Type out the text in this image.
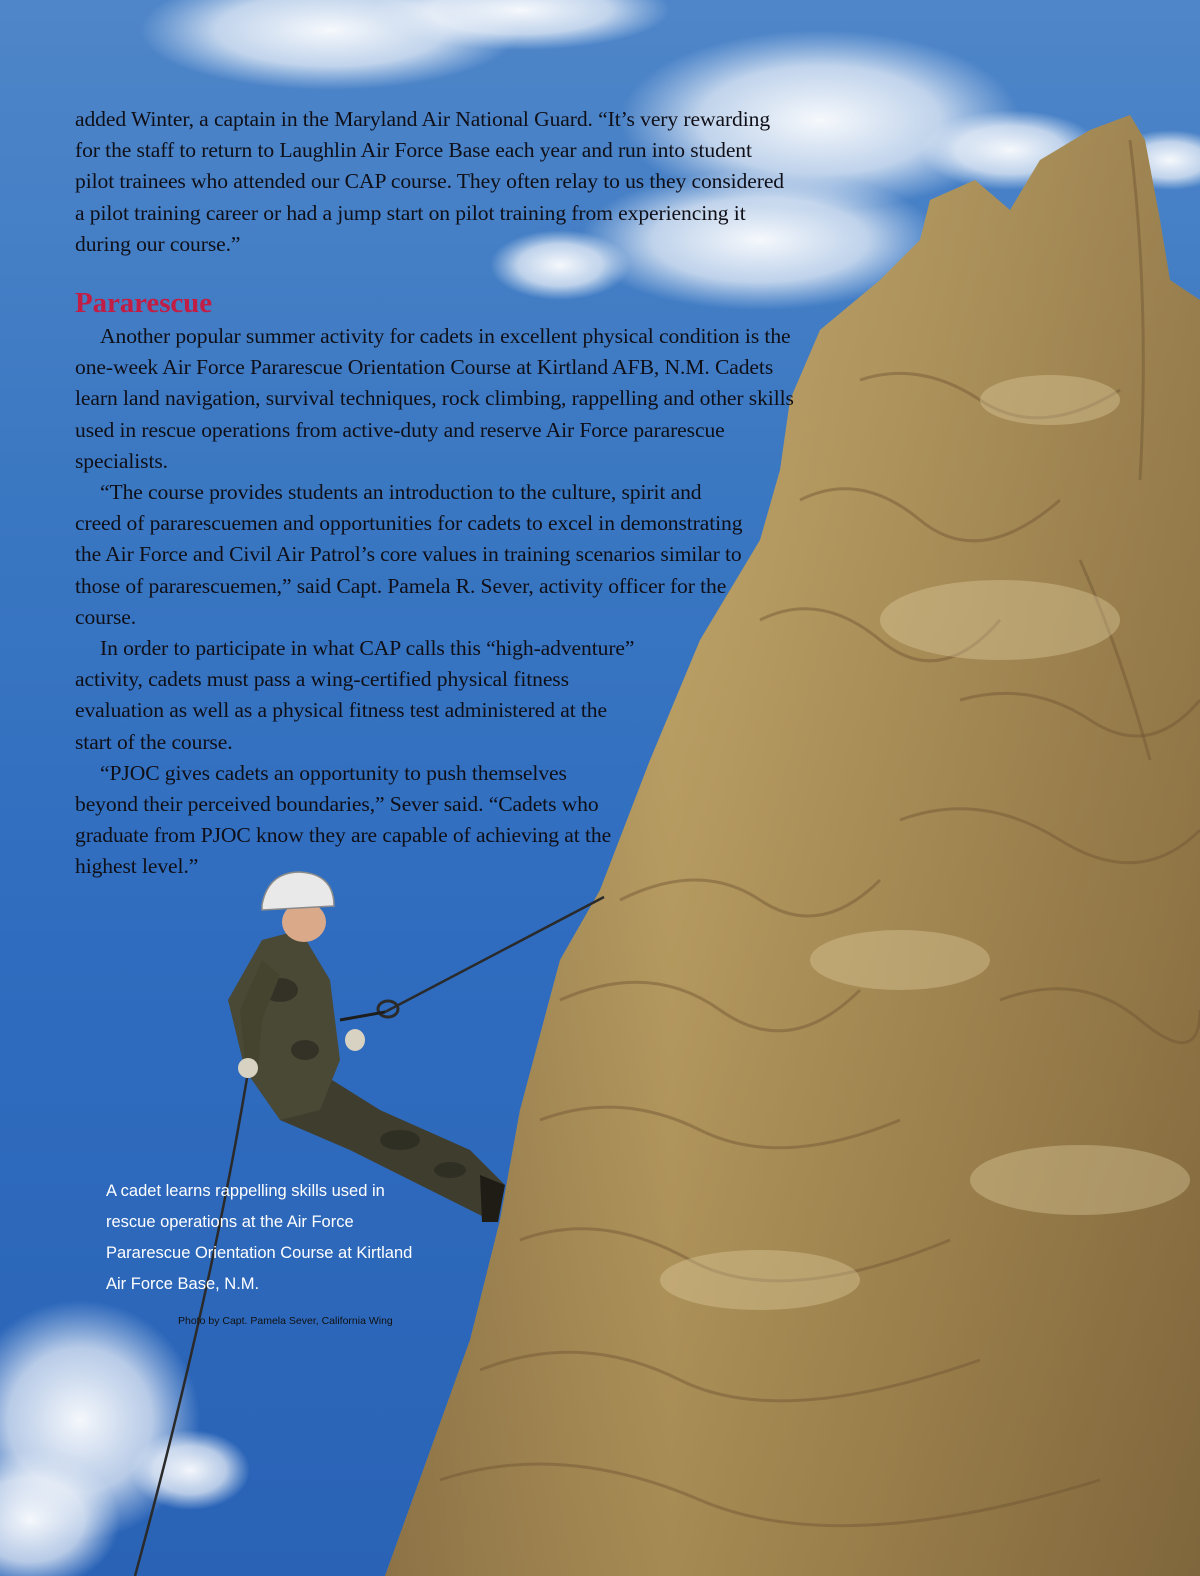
added Winter, a captain in the Maryland Air National Guard. “It’s very rewarding for the staff to return to Laughlin Air Force Base each year and run into student pilot trainees who attended our CAP course. They often relay to us they considered a pilot training career or had a jump start on pilot training from experiencing it during our course.”

Pararescue

Another popular summer activity for cadets in excellent physical condition is the one-week Air Force Pararescue Orientation Course at Kirtland AFB, N.M. Cadets learn land navigation, survival techniques, rock climbing, rappelling and other skills used in rescue operations from active-duty and reserve Air Force pararescue specialists.

“The course provides students an introduction to the culture, spirit and creed of pararescuemen and opportunities for cadets to excel in demonstrating the Air Force and Civil Air Patrol’s core values in training scenarios similar to those of pararescuemen,” said Capt. Pamela R. Sever, activity officer for the course.

In order to participate in what CAP calls this “high-adventure” activity, cadets must pass a wing-certified physical fitness evaluation as well as a physical fitness test administered at the start of the course.

“PJOC gives cadets an opportunity to push themselves beyond their perceived boundaries,” Sever said. “Cadets who graduate from PJOC know they are capable of achieving at the highest level.”

A cadet learns rappelling skills used in rescue operations at the Air Force Pararescue Orientation Course at Kirtland Air Force Base, N.M.

Photo by Capt. Pamela Sever, California Wing
